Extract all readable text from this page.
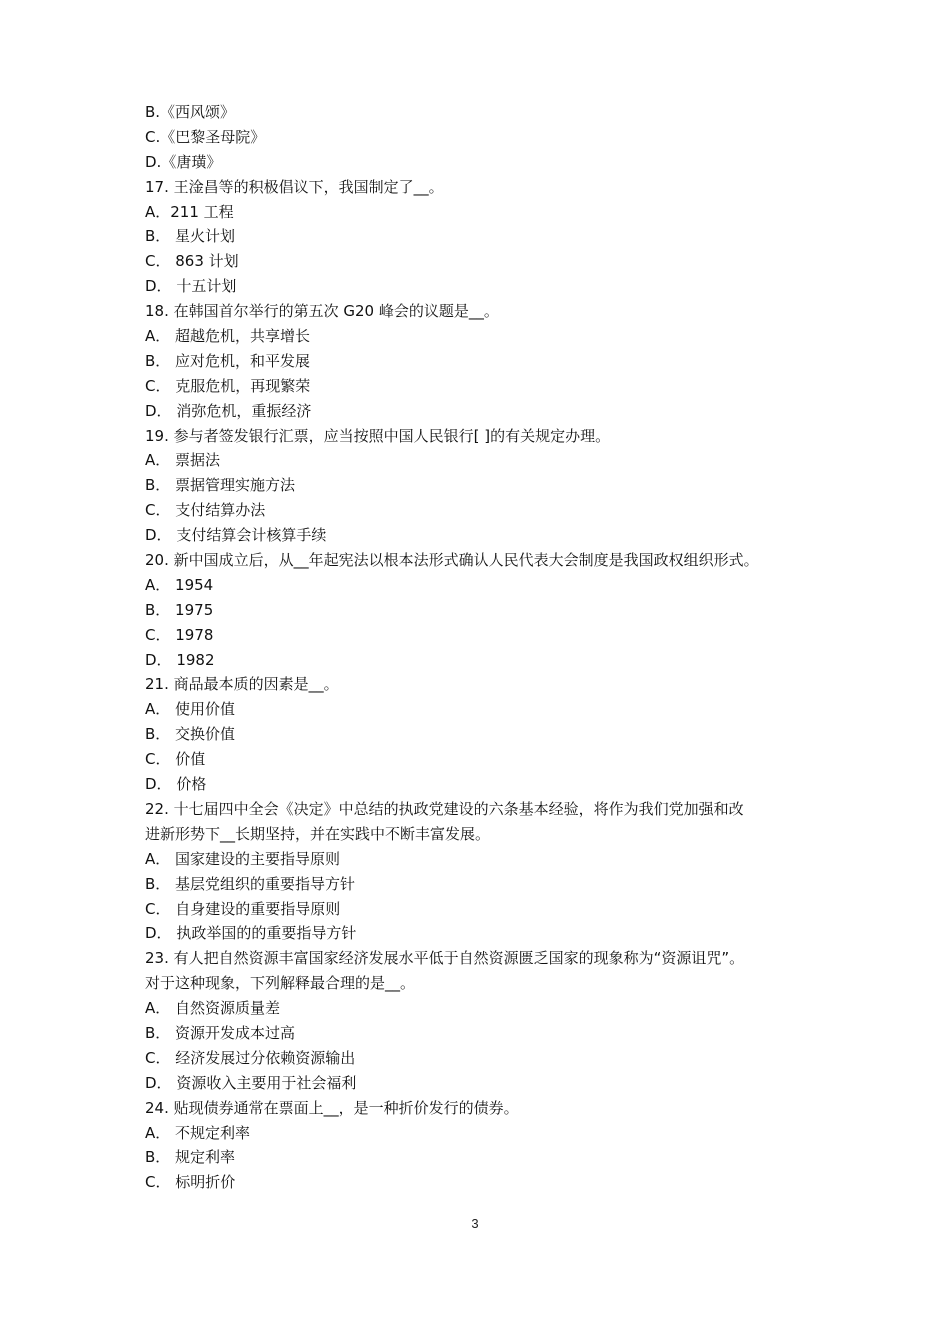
B.《西风颂》
C.《巴黎圣母院》
D.《唐璜》
17. 王淦昌等的积极倡议下，我国制定了__。
A．211 工程
B． 星火计划
C． 863 计划
D． 十五计划
18. 在韩国首尔举行的第五次 G20 峰会的议题是__。
A． 超越危机，共享增长
B． 应对危机，和平发展
C． 克服危机，再现繁荣
D． 消弥危机，重振经济
19. 参与者签发银行汇票，应当按照中国人民银行[ ]的有关规定办理。
A． 票据法
B． 票据管理实施方法
C． 支付结算办法
D． 支付结算会计核算手续
20. 新中国成立后，从__年起宪法以根本法形式确认人民代表大会制度是我国政权组织形式。
A． 1954
B． 1975
C． 1978
D． 1982
21. 商品最本质的因素是__。
A． 使用价值
B． 交换价值
C． 价值
D． 价格
22. 十七届四中全会《决定》中总结的执政党建设的六条基本经验，将作为我们党加强和改
进新形势下__长期坚持，并在实践中不断丰富发展。
A． 国家建设的主要指导原则
B． 基层党组织的重要指导方针
C． 自身建设的重要指导原则
D． 执政举国的的重要指导方针
23. 有人把自然资源丰富国家经济发展水平低于自然资源匮乏国家的现象称为“资源诅咒”。
对于这种现象，下列解释最合理的是__。
A． 自然资源质量差
B． 资源开发成本过高
C． 经济发展过分依赖资源输出
D． 资源收入主要用于社会福利
24. 贴现债券通常在票面上__，是一种折价发行的债券。
A． 不规定利率
B． 规定利率
C． 标明折价
3
